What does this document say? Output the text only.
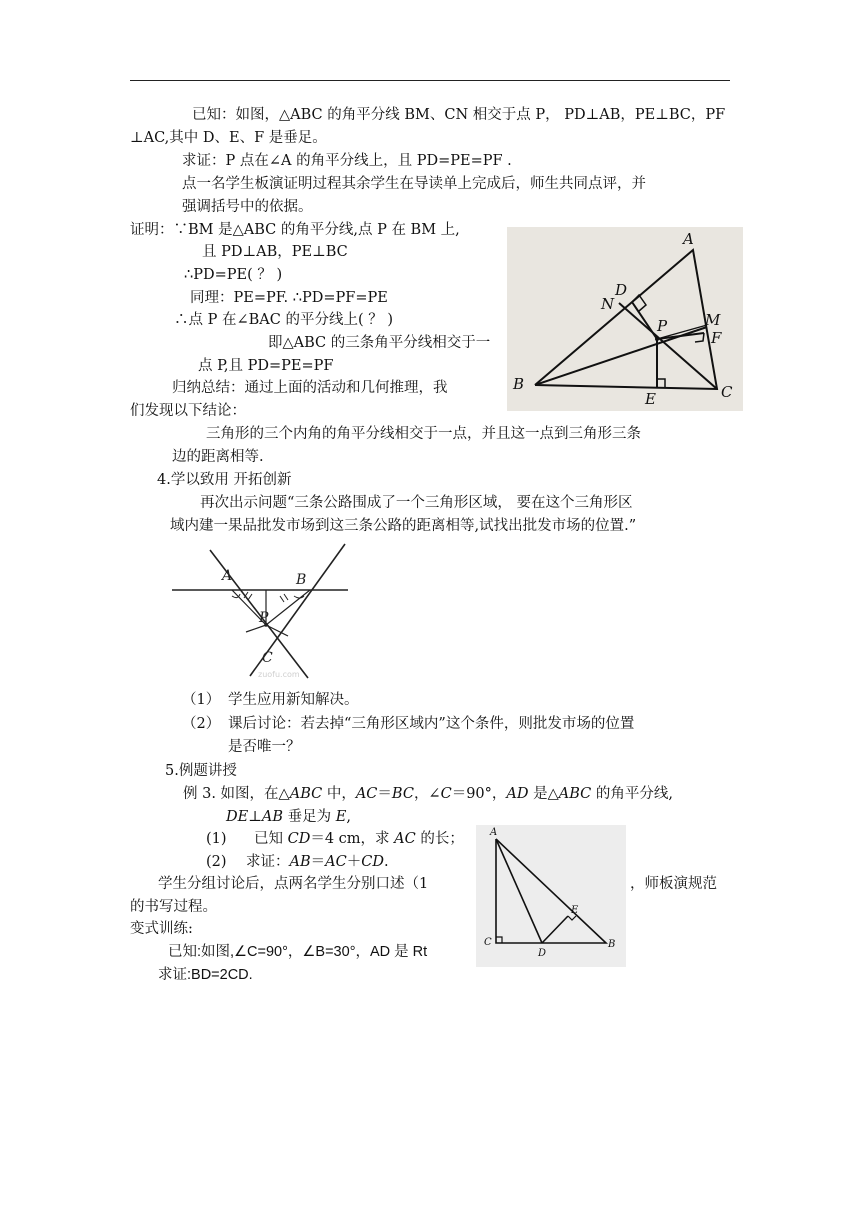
已知：如图，△ABC 的角平分线 BM、CN 相交于点 P， PD⊥AB，PE⊥BC，PF
⊥AC,其中 D、E、F 是垂足。
求证：P 点在∠A 的角平分线上，且 PD=PE=PF .
点一名学生板演证明过程其余学生在导读单上完成后，师生共同点评，并
强调括号中的依据。
证明：∵BM 是△ABC 的角平分线,点 P 在 BM 上,
且 PD⊥AB，PE⊥BC
∴PD=PE( ？ )
同理：PE=PF. ∴PD=PF=PE
∴点 P 在∠BAC 的平分线上( ？ )
即△ABC 的三条角平分线相交于一
点 P,且 PD=PE=PF
归纳总结：通过上面的活动和几何推理，我
们发现以下结论：
三角形的三个内角的角平分线相交于一点，并且这一点到三角形三条
边的距离相等.
A
N
D
M
P
F
B
E	C
4.学以致用 开拓创新
再次出示问题“三条公路围成了一个三角形区域， 要在这个三角形区
域内建一果品批发市场到这三条公路的距离相等,试找出批发市场的位置.”
A	B
P
C
zuofu.com
（1） 学生应用新知解决。
（2） 课后讨论：若去掉“三角形区域内”这个条件，则批发市场的位置
是否唯一？
5.例题讲授
例 3. 如图，在△ABC 中，AC＝BC，∠C＝90°，AD 是△ABC 的角平分线,
DE⊥AB 垂足为 E,
(1) 已知 CD＝4 cm，求 AC 的长；
(2) 求证：AB＝AC＋CD.
学生分组讨论后，点两名学生分别口述（1	，师板演规范
的书写过程。
变式训练:
已知:如图,∠C=90°，∠B=30°，AD 是 Rt
求证:BD=2CD.
A
E
C
D
B
